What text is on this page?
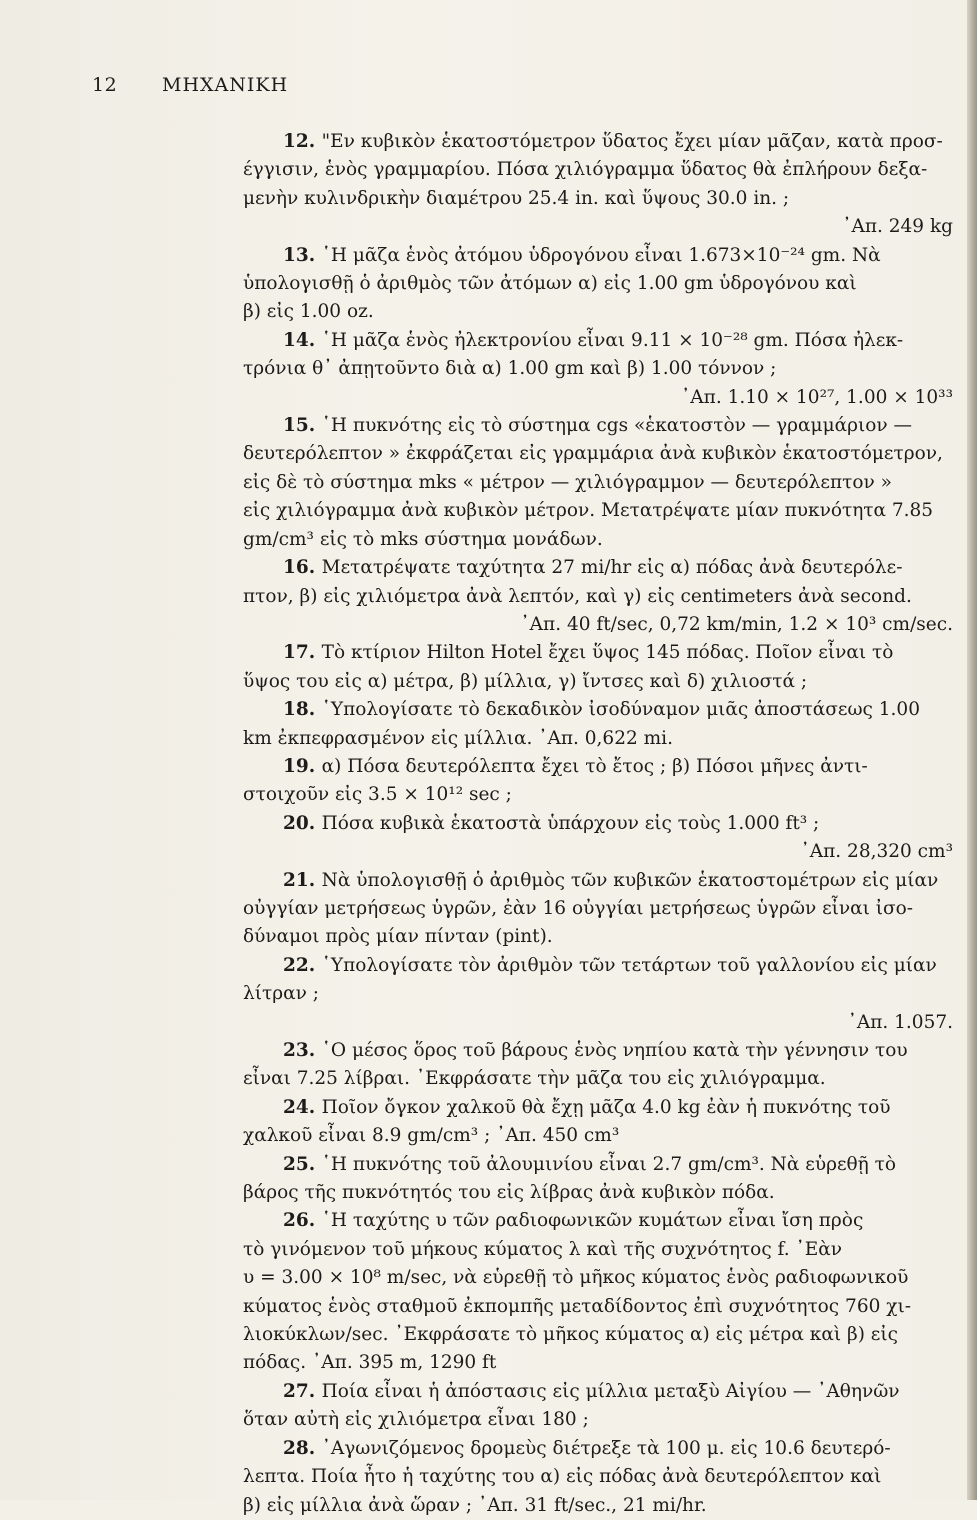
12 ΜΗΧΑΝΙΚΗ
12. "Εν κυβικὸν ἑκατοστόμετρον ὕδατος ἔχει μίαν μᾶζαν, κατὰ προσ-
έγγισιν, ἑνὸς γραμμαρίου. Πόσα χιλιόγραμμα ὕδατος θὰ ἐπλήρουν δεξα-
μενὴν κυλινδρικὴν διαμέτρου 25.4 in. καὶ ὕψους 30.0 in. ;
᾽Απ. 249 kg
13. ῾Η μᾶζα ἑνὸς ἀτόμου ὑδρογόνου εἶναι 1.673×10⁻²⁴ gm. Νὰ
ὑπολογισθῇ ὁ ἀριθμὸς τῶν ἀτόμων α) εἰς 1.00 gm ὑδρογόνου καὶ
β) εἰς 1.00 oz.
14. ῾Η μᾶζα ἑνὸς ἠλεκτρονίου εἶναι 9.11 × 10⁻²⁸ gm. Πόσα ἠλεκ-
τρόνια θ᾽ ἀπῃτοῦντο διὰ α) 1.00 gm καὶ β) 1.00 τόννον ;
᾽Απ. 1.10 × 10²⁷, 1.00 × 10³³
15. ῾Η πυκνότης εἰς τὸ σύστημα cgs «ἑκατοστὸν — γραμμάριον —
δευτερόλεπτον » ἐκφράζεται εἰς γραμμάρια ἀνὰ κυβικὸν ἑκατοστόμετρον,
εἰς δὲ τὸ σύστημα mks « μέτρον — χιλιόγραμμον — δευτερόλεπτον »
εἰς χιλιόγραμμα ἀνὰ κυβικὸν μέτρον. Μετατρέψατε μίαν πυκνότητα 7.85
gm/cm³ εἰς τὸ mks σύστημα μονάδων.
16. Μετατρέψατε ταχύτητα 27 mi/hr εἰς α) πόδας ἀνὰ δευτερόλε-
πτον, β) εἰς χιλιόμετρα ἀνὰ λεπτόν, καὶ γ) εἰς centimeters ἀνὰ second.
᾽Απ. 40 ft/sec, 0,72 km/min, 1.2 × 10³ cm/sec.
17. Τὸ κτίριον Hilton Hotel ἔχει ὕψος 145 πόδας. Ποῖον εἶναι τὸ
ὕψος του εἰς α) μέτρα, β) μίλλια, γ) ἴντσες καὶ δ) χιλιοστά ;
18. ῾Υπολογίσατε τὸ δεκαδικὸν ἰσοδύναμον μιᾶς ἀποστάσεως 1.00
km ἐκπεφρασμένον εἰς μίλλια. ᾽Απ. 0,622 mi.
19. α) Πόσα δευτερόλεπτα ἔχει τὸ ἔτος ; β) Πόσοι μῆνες ἀντι-
στοιχοῦν εἰς 3.5 × 10¹² sec ;
20. Πόσα κυβικὰ ἑκατοστὰ ὑπάρχουν εἰς τοὺς 1.000 ft³ ;
᾽Απ. 28,320 cm³
21. Νὰ ὑπολογισθῇ ὁ ἀριθμὸς τῶν κυβικῶν ἑκατοστομέτρων εἰς μίαν
οὐγγίαν μετρήσεως ὑγρῶν, ἐὰν 16 οὐγγίαι μετρήσεως ὑγρῶν εἶναι ἰσο-
δύναμοι πρὸς μίαν πίνταν (pint).
22. ῾Υπολογίσατε τὸν ἀριθμὸν τῶν τετάρτων τοῦ γαλλονίου εἰς μίαν
λίτραν ;
᾽Απ. 1.057.
23. ῾Ο μέσος ὅρος τοῦ βάρους ἑνὸς νηπίου κατὰ τὴν γέννησιν του
εἶναι 7.25 λίβραι. ᾽Εκφράσατε τὴν μᾶζα του εἰς χιλιόγραμμα.
24. Ποῖον ὄγκον χαλκοῦ θὰ ἔχῃ μᾶζα 4.0 kg ἐὰν ἡ πυκνότης τοῦ
χαλκοῦ εἶναι 8.9 gm/cm³ ; ᾽Απ. 450 cm³
25. ῾Η πυκνότης τοῦ ἀλουμινίου εἶναι 2.7 gm/cm³. Νὰ εὑρεθῇ τὸ
βάρος τῆς πυκνότητός του εἰς λίβρας ἀνὰ κυβικὸν πόδα.
26. ῾Η ταχύτης υ τῶν ραδιοφωνικῶν κυμάτων εἶναι ἴση πρὸς
τὸ γινόμενον τοῦ μήκους κύματος λ καὶ τῆς συχνότητος f. ᾽Εὰν
υ = 3.00 × 10⁸ m/sec, νὰ εὑρεθῇ τὸ μῆκος κύματος ἑνὸς ραδιοφωνικοῦ
κύματος ἑνὸς σταθμοῦ ἐκπομπῆς μεταδίδοντος ἐπὶ συχνότητος 760 χι-
λιοκύκλων/sec. ᾽Εκφράσατε τὸ μῆκος κύματος α) εἰς μέτρα καὶ β) εἰς
πόδας. ᾽Απ. 395 m, 1290 ft
27. Ποία εἶναι ἡ ἀπόστασις εἰς μίλλια μεταξὺ Αἰγίου — ᾽Αθηνῶν
ὅταν αὐτὴ εἰς χιλιόμετρα εἶναι 180 ;
28. ᾽Αγωνιζόμενος δρομεὺς διέτρεξε τὰ 100 μ. εἰς 10.6 δευτερό-
λεπτα. Ποία ἦτο ἡ ταχύτης του α) εἰς πόδας ἀνὰ δευτερόλεπτον καὶ
β) εἰς μίλλια ἀνὰ ὥραν ; ᾽Απ. 31 ft/sec., 21 mi/hr.
